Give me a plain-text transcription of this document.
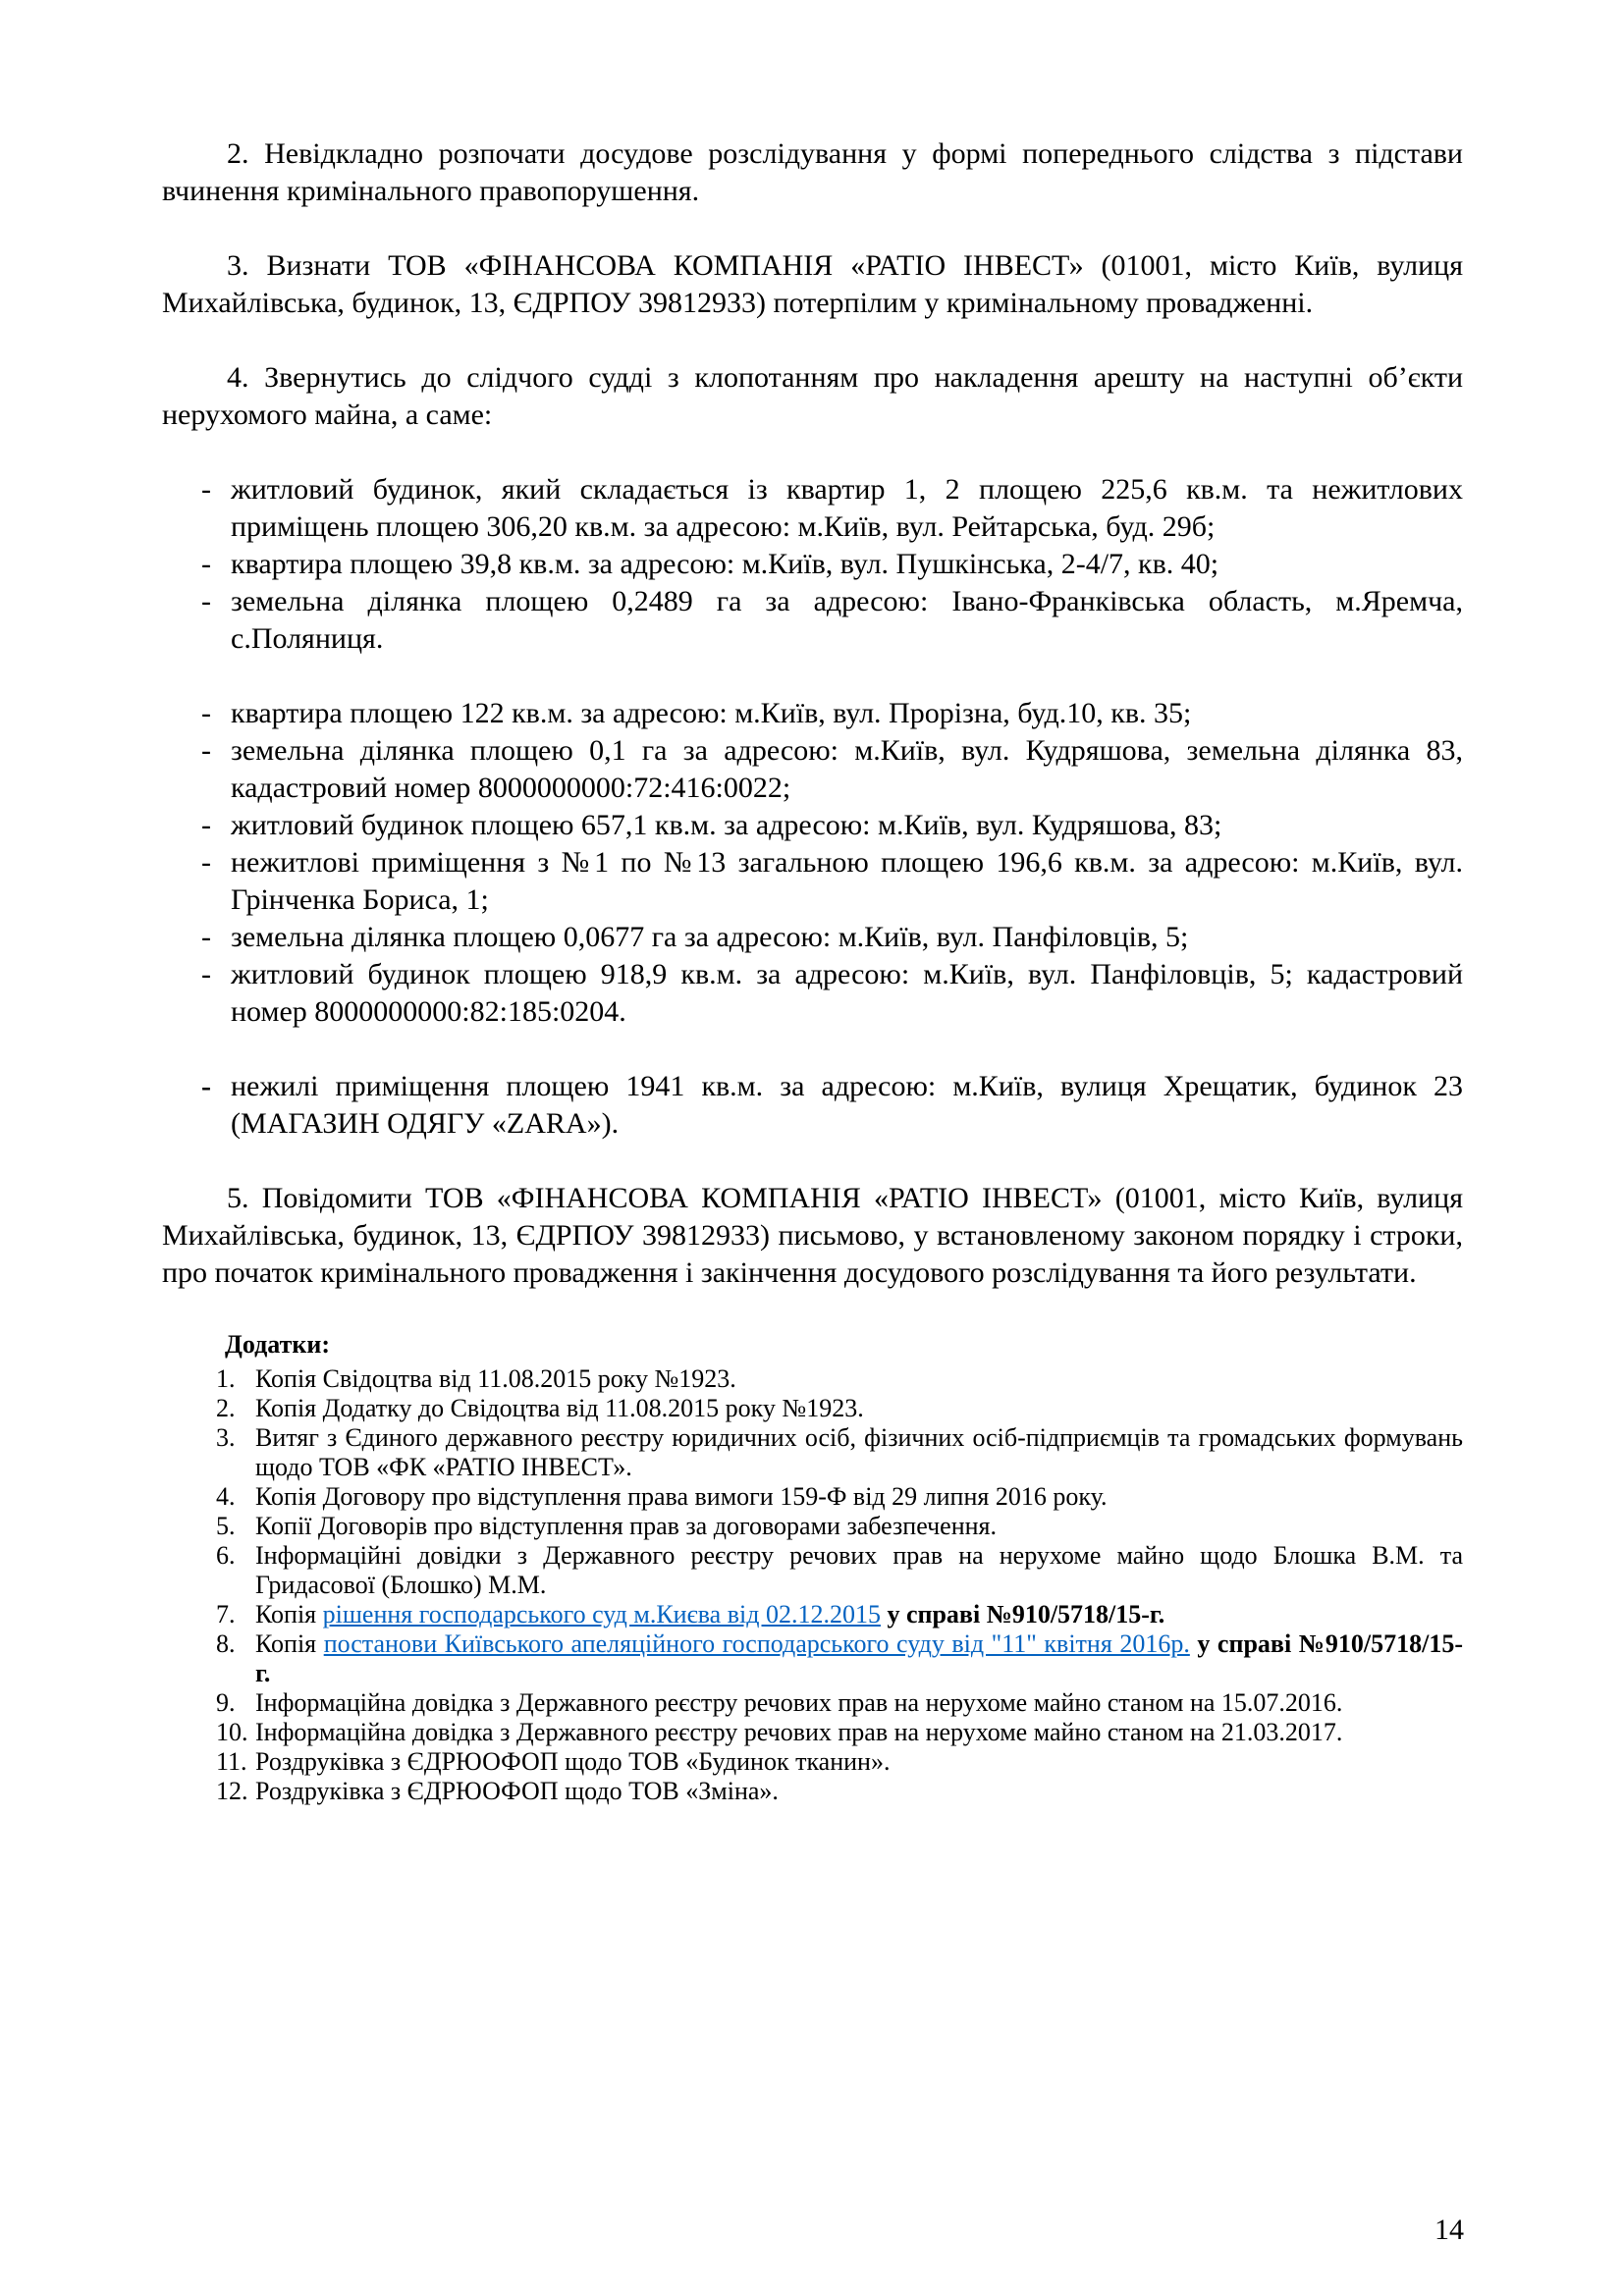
2. Невідкладно розпочати досудове розслідування у формі попереднього слідства з підстави вчинення кримінального правопорушення.

3. Визнати ТОВ «ФІНАНСОВА КОМПАНІЯ «РАТІО ІНВЕСТ» (01001, місто Київ, вулиця Михайлівська, будинок, 13, ЄДРПОУ 39812933) потерпілим у кримінальному провадженні.

4. Звернутись до слідчого судді з клопотанням про накладення арешту на наступні об’єкти нерухомого майна, а саме:

- житловий будинок, який складається із квартир 1, 2 площею 225,6 кв.м. та нежитлових приміщень площею 306,20 кв.м. за адресою: м.Київ, вул. Рейтарська, буд. 29б;
- квартира площею 39,8 кв.м. за адресою: м.Київ, вул. Пушкінська, 2-4/7, кв. 40;
- земельна ділянка площею 0,2489 га за адресою: Івано-Франківська область, м.Яремча, с.Поляниця.
- квартира площею 122 кв.м. за адресою: м.Київ, вул. Прорізна, буд.10, кв. 35;
- земельна ділянка площею 0,1 га за адресою: м.Київ, вул. Кудряшова, земельна ділянка 83, кадастровий номер 8000000000:72:416:0022;
- житловий будинок площею 657,1 кв.м. за адресою: м.Київ, вул. Кудряшова, 83;
- нежитлові приміщення з №1 по №13 загальною площею 196,6 кв.м. за адресою: м.Київ, вул. Грінченка Бориса, 1;
- земельна ділянка площею 0,0677 га за адресою: м.Київ, вул. Панфіловців, 5;
- житловий будинок площею 918,9 кв.м. за адресою: м.Київ, вул. Панфіловців, 5; кадастровий номер 8000000000:82:185:0204.
- нежилі приміщення площею 1941 кв.м. за адресою: м.Київ, вулиця Хрещатик, будинок 23 (МАГАЗИН ОДЯГУ «ZARA»).

5. Повідомити ТОВ «ФІНАНСОВА КОМПАНІЯ «РАТІО ІНВЕСТ» (01001, місто Київ, вулиця Михайлівська, будинок, 13, ЄДРПОУ 39812933) письмово, у встановленому законом порядку і строки, про початок кримінального провадження і закінчення досудового розслідування та його результати.

Додатки:
1. Копія Свідоцтва від 11.08.2015 року №1923.
2. Копія Додатку до Свідоцтва від 11.08.2015 року №1923.
3. Витяг з Єдиного державного реєстру юридичних осіб, фізичних осіб-підприємців та громадських формувань щодо ТОВ «ФК «РАТІО ІНВЕСТ».
4. Копія Договору про відступлення права вимоги 159-Ф від 29 липня 2016 року.
5. Копії Договорів про відступлення прав за договорами забезпечення.
6. Інформаційні довідки з Державного реєстру речових прав на нерухоме майно щодо Блошка В.М. та Гридасової (Блошко) М.М.
7. Копія рішення господарського суд м.Києва від 02.12.2015 у справі №910/5718/15-г.
8. Копія постанови Київського апеляційного господарського суду від "11" квітня 2016р. у справі №910/5718/15-г.
9. Інформаційна довідка з Державного реєстру речових прав на нерухоме майно станом на 15.07.2016.
10. Інформаційна довідка з Державного реєстру речових прав на нерухоме майно станом на 21.03.2017.
11. Роздруківка з ЄДРЮОФОП щодо ТОВ «Будинок тканин».
12. Роздруківка з ЄДРЮОФОП щодо ТОВ «Зміна».
14
